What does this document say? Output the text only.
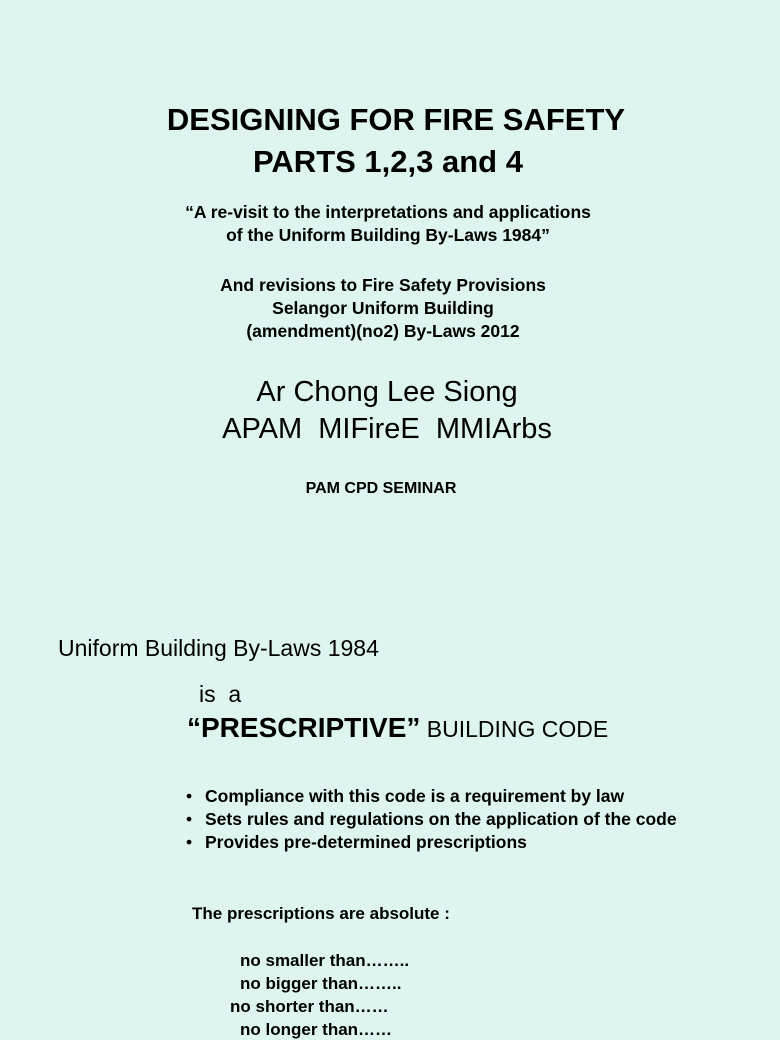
DESIGNING FOR FIRE SAFETY
PARTS 1,2,3 and 4
“A re-visit to the interpretations and applications
of the Uniform Building By-Laws 1984”
And revisions to Fire Safety Provisions
Selangor Uniform Building
(amendment)(no2) By-Laws 2012
Ar Chong Lee Siong
APAM  MIFireE  MMIArbs
PAM CPD SEMINAR
Uniform Building By-Laws 1984
is  a
“PRESCRIPTIVE” BUILDING CODE
• Compliance with this code is a requirement by law
• Sets rules and regulations on the application of the code
• Provides pre-determined prescriptions
The prescriptions are absolute :
no smaller than……..
no bigger than……..
no shorter than……
no longer than……
